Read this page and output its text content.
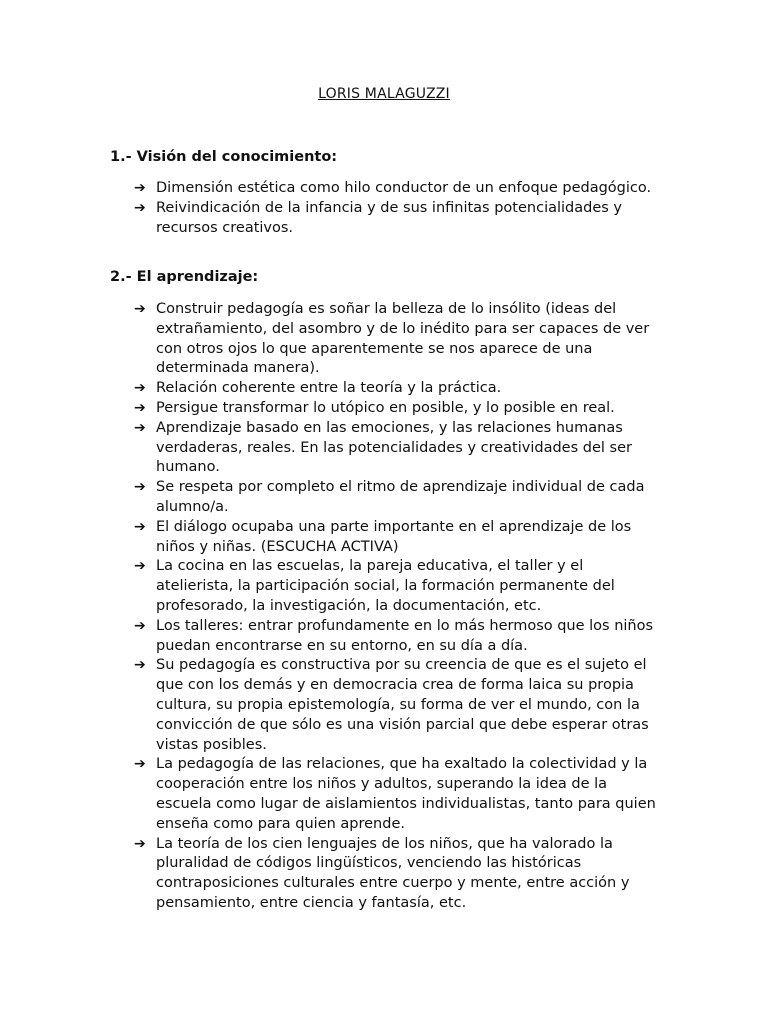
LORIS MALAGUZZI
1.- Visión del conocimiento:
➔ Dimensión estética como hilo conductor de un enfoque pedagógico.
➔ Reivindicación de la infancia y de sus infinitas potencialidades y recursos creativos.
2.- El aprendizaje:
➔ Construir pedagogía es soñar la belleza de lo insólito (ideas del extrañamiento, del asombro y de lo inédito para ser capaces de ver con otros ojos lo que aparentemente se nos aparece de una determinada manera).
➔ Relación coherente entre la teoría y la práctica.
➔ Persigue transformar lo utópico en posible, y lo posible en real.
➔ Aprendizaje basado en las emociones, y las relaciones humanas verdaderas, reales. En las potencialidades y creatividades del ser humano.
➔ Se respeta por completo el ritmo de aprendizaje individual de cada alumno/a.
➔ El diálogo ocupaba una parte importante en el aprendizaje de los niños y niñas. (ESCUCHA ACTIVA)
➔ La cocina en las escuelas, la pareja educativa, el taller y el atelierista, la participación social, la formación permanente del profesorado, la investigación, la documentación, etc.
➔ Los talleres: entrar profundamente en lo más hermoso que los niños puedan encontrarse en su entorno, en su día a día.
➔ Su pedagogía es constructiva por su creencia de que es el sujeto el que con los demás y en democracia crea de forma laica su propia cultura, su propia epistemología, su forma de ver el mundo, con la convicción de que sólo es una visión parcial que debe esperar otras vistas posibles.
➔ La pedagogía de las relaciones, que ha exaltado la colectividad y la cooperación entre los niños y adultos, superando la idea de la escuela como lugar de aislamientos individualistas, tanto para quien enseña como para quien aprende.
➔ La teoría de los cien lenguajes de los niños, que ha valorado la pluralidad de códigos lingüísticos, venciendo las históricas contraposiciones culturales entre cuerpo y mente, entre acción y pensamiento, entre ciencia y fantasía, etc.
